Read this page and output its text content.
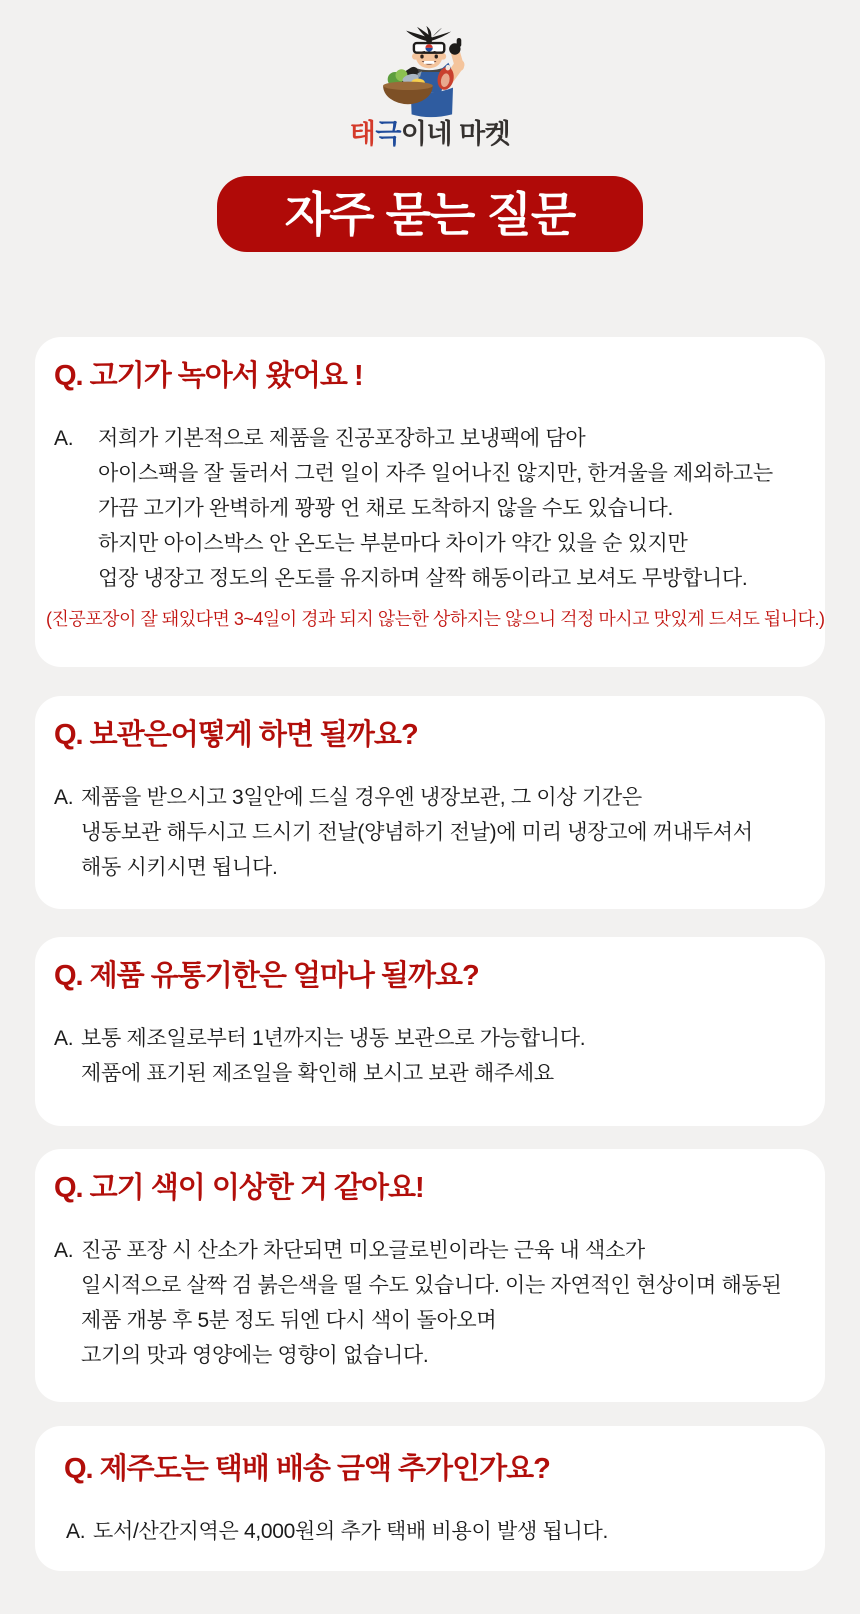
태극이네 마켓
자주 묻는 질문
Q. 고기가 녹아서 왔어요 !
A.	저희가 기본적으로 제품을 진공포장하고 보냉팩에 담아
아이스팩을 잘 둘러서 그런 일이 자주 일어나진 않지만, 한겨울을 제외하고는
가끔 고기가 완벽하게 꽝꽝 언 채로 도착하지 않을 수도 있습니다.
하지만 아이스박스 안 온도는 부분마다 차이가 약간 있을 순 있지만
업장 냉장고 정도의 온도를 유지하며 살짝 해동이라고 보셔도 무방합니다.

(진공포장이 잘 돼있다면 3~4일이 경과 되지 않는한 상하지는 않으니 걱정 마시고 맛있게 드셔도 됩니다.)

Q. 보관은어떻게 하면 될까요?
A. 제품을 받으시고 3일안에 드실 경우엔 냉장보관, 그 이상 기간은
냉동보관 해두시고 드시기 전날(양념하기 전날)에 미리 냉장고에 꺼내두셔서
해동 시키시면 됩니다.
Q. 제품 유통기한은 얼마나 될까요?
A. 보통 제조일로부터 1년까지는 냉동 보관으로 가능합니다.
제품에 표기된 제조일을 확인해 보시고 보관 해주세요
Q. 고기 색이 이상한 거 같아요!
A. 진공 포장 시 산소가 차단되면 미오글로빈이라는 근육 내 색소가
일시적으로 살짝 검 붉은색을 띨 수도 있습니다. 이는 자연적인 현상이며 해동된
제품 개봉 후 5분 정도 뒤엔 다시 색이 돌아오며
고기의 맛과 영양에는 영향이 없습니다.
Q. 제주도는 택배 배송 금액 추가인가요?
A. 도서/산간지역은 4,000원의 추가 택배 비용이 발생 됩니다.
